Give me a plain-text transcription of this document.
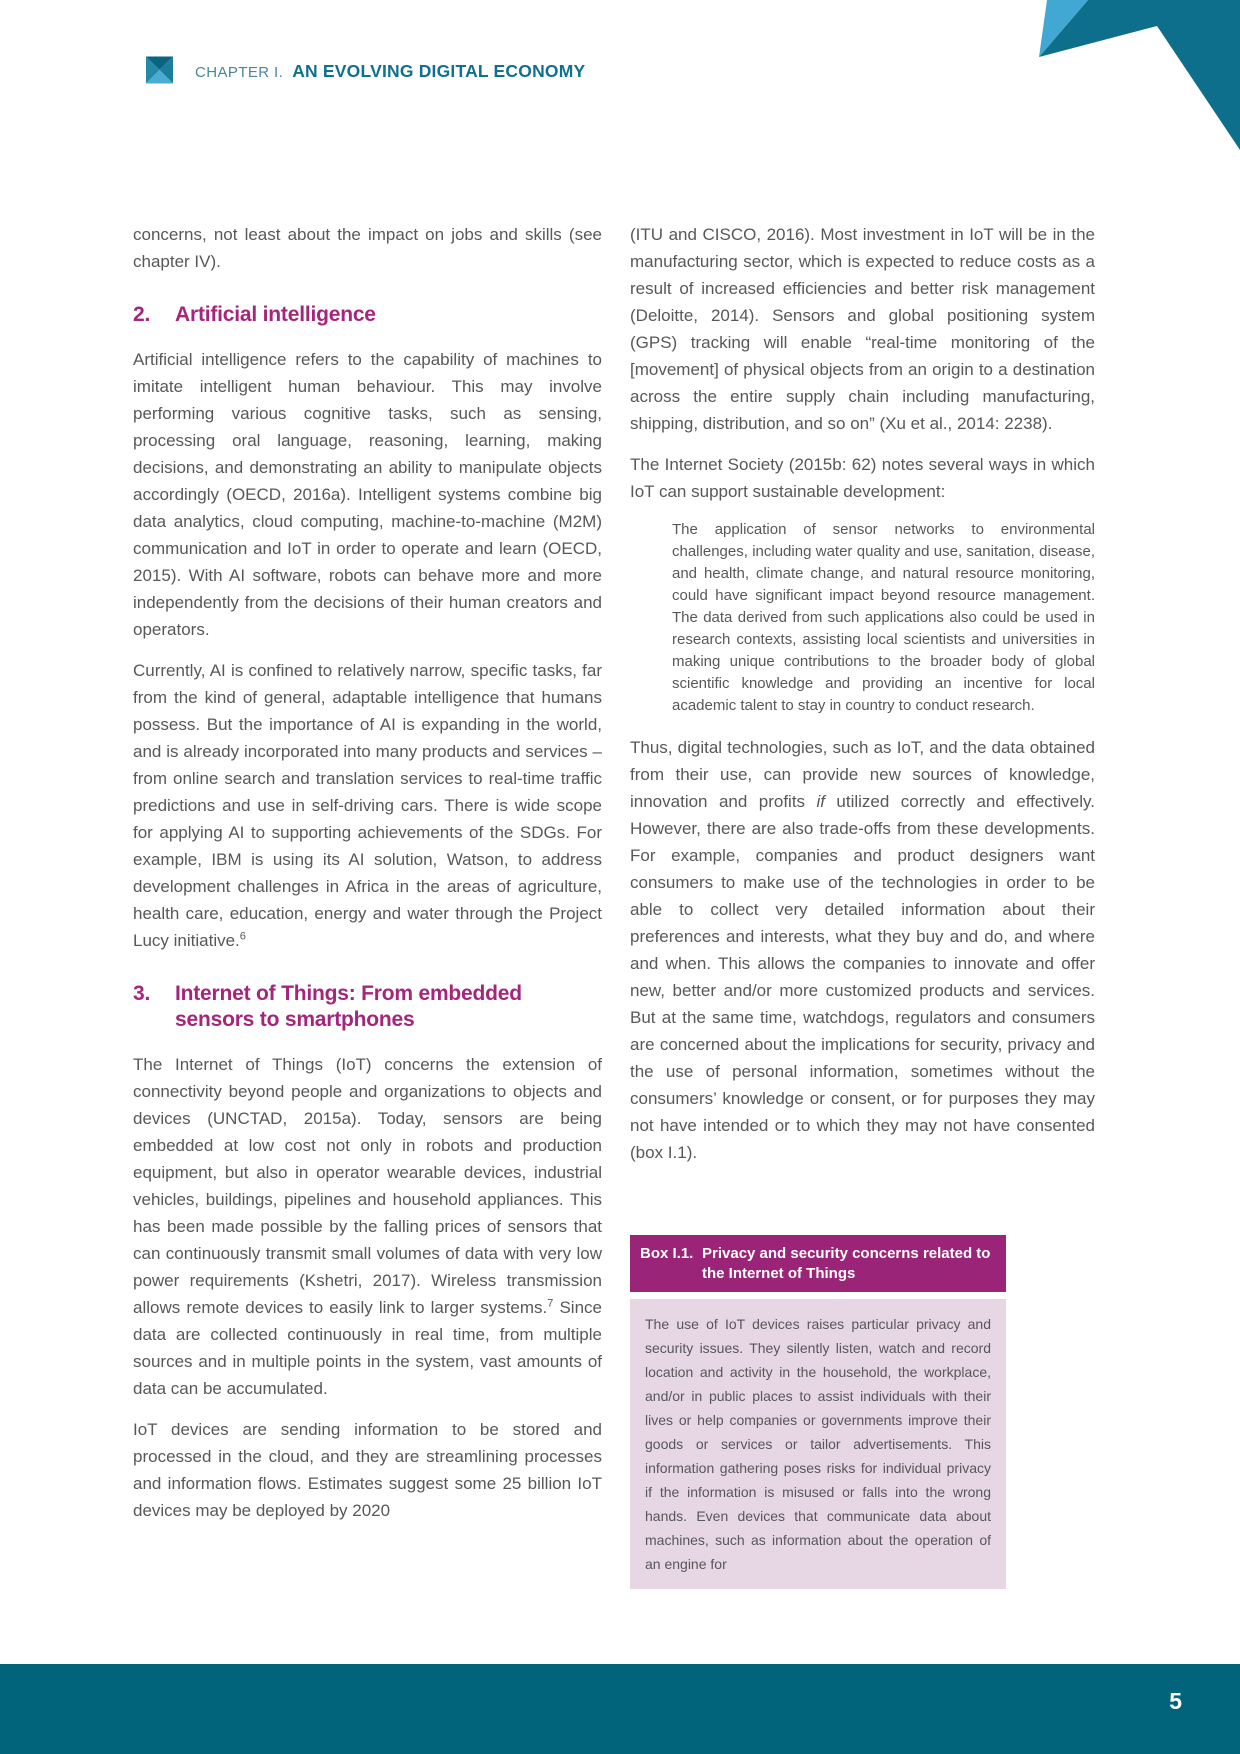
CHAPTER I. AN EVOLVING DIGITAL ECONOMY

concerns, not least about the impact on jobs and skills (see chapter IV).

2.	Artificial intelligence

Artificial intelligence refers to the capability of machines to imitate intelligent human behaviour. This may involve performing various cognitive tasks, such as sensing, processing oral language, reasoning, learning, making decisions, and demonstrating an ability to manipulate objects accordingly (OECD, 2016a). Intelligent systems combine big data analytics, cloud computing, machine-to-machine (M2M) communication and IoT in order to operate and learn (OECD, 2015). With AI software, robots can behave more and more independently from the decisions of their human creators and operators.

Currently, AI is confined to relatively narrow, specific tasks, far from the kind of general, adaptable intelligence that humans possess. But the importance of AI is expanding in the world, and is already incorporated into many products and services – from online search and translation services to real-time traffic predictions and use in self-driving cars. There is wide scope for applying AI to supporting achievements of the SDGs. For example, IBM is using its AI solution, Watson, to address development challenges in Africa in the areas of agriculture, health care, education, energy and water through the Project Lucy initiative.$^6$

3.	Internet of Things: From embedded sensors to smartphones

The Internet of Things (IoT) concerns the extension of connectivity beyond people and organizations to objects and devices (UNCTAD, 2015a). Today, sensors are being embedded at low cost not only in robots and production equipment, but also in operator wearable devices, industrial vehicles, buildings, pipelines and household appliances. This has been made possible by the falling prices of sensors that can continuously transmit small volumes of data with very low power requirements (Kshetri, 2017). Wireless transmission allows remote devices to easily link to larger systems.$^7$ Since data are collected continuously in real time, from multiple sources and in multiple points in the system, vast amounts of data can be accumulated.

IoT devices are sending information to be stored and processed in the cloud, and they are streamlining processes and information flows. Estimates suggest some 25 billion IoT devices may be deployed by 2020

(ITU and CISCO, 2016). Most investment in IoT will be in the manufacturing sector, which is expected to reduce costs as a result of increased efficiencies and better risk management (Deloitte, 2014). Sensors and global positioning system (GPS) tracking will enable “real-time monitoring of the [movement] of physical objects from an origin to a destination across the entire supply chain including manufacturing, shipping, distribution, and so on” (Xu et al., 2014: 2238).

The Internet Society (2015b: 62) notes several ways in which IoT can support sustainable development:

The application of sensor networks to environmental challenges, including water quality and use, sanitation, disease, and health, climate change, and natural resource monitoring, could have significant impact beyond resource management. The data derived from such applications also could be used in research contexts, assisting local scientists and universities in making unique contributions to the broader body of global scientific knowledge and providing an incentive for local academic talent to stay in country to conduct research.

Thus, digital technologies, such as IoT, and the data obtained from their use, can provide new sources of knowledge, innovation and profits if utilized correctly and effectively. However, there are also trade-offs from these developments. For example, companies and product designers want consumers to make use of the technologies in order to be able to collect very detailed information about their preferences and interests, what they buy and do, and where and when. This allows the companies to innovate and offer new, better and/or more customized products and services. But at the same time, watchdogs, regulators and consumers are concerned about the implications for security, privacy and the use of personal information, sometimes without the consumers’ knowledge or consent, or for purposes they may not have intended or to which they may not have consented (box I.1).

Box I.1. Privacy and security concerns related to the Internet of Things
The use of IoT devices raises particular privacy and security issues. They silently listen, watch and record location and activity in the household, the workplace, and/or in public places to assist individuals with their lives or help companies or governments improve their goods or services or tailor advertisements. This information gathering poses risks for individual privacy if the information is misused or falls into the wrong hands. Even devices that communicate data about machines, such as information about the operation of an engine for
5
